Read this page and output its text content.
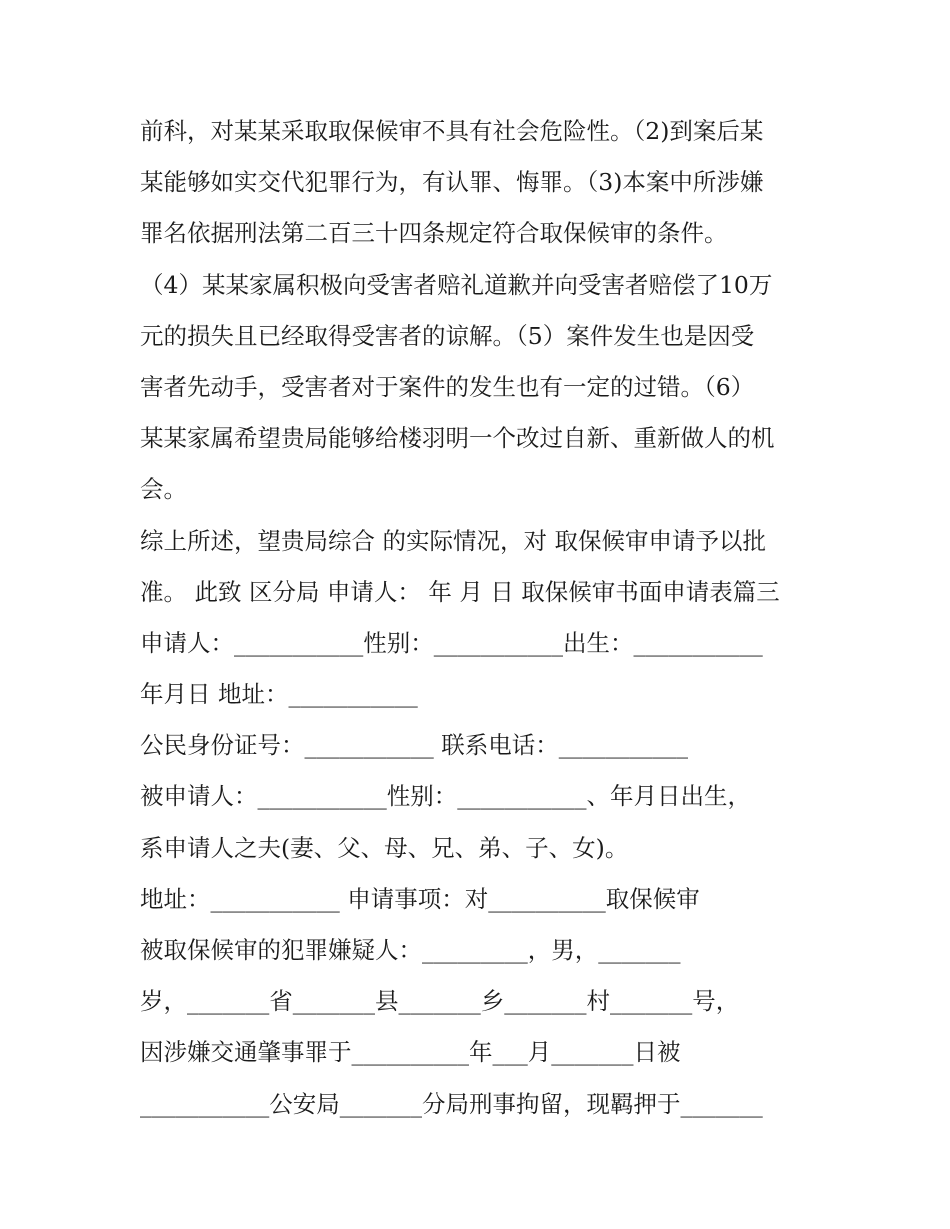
前科，对某某采取取保候审不具有社会危险性。（2)到案后某
某能够如实交代犯罪行为，有认罪、悔罪。（3)本案中所涉嫌
罪名依据刑法第二百三十四条规定符合取保候审的条件。
（4）某某家属积极向受害者赔礼道歉并向受害者赔偿了10万
元的损失且已经取得受害者的谅解。（5）案件发生也是因受
害者先动手，受害者对于案件的发生也有一定的过错。（6）
某某家属希望贵局能够给楼羽明一个改过自新、重新做人的机
会。
综上所述，望贵局综合 的实际情况，对 取保候审申请予以批
准。 此致 区分局 申请人： 年 月 日 取保候审书面申请表篇三
申请人：___________性别：___________出生：___________
年月日 地址：___________
公民身份证号：___________ 联系电话：___________
被申请人：___________性别：___________、年月日出生，
系申请人之夫(妻、父、母、兄、弟、子、女)。
地址：___________ 申请事项：对__________取保候审
被取保候审的犯罪嫌疑人：_________，男，_______
岁，_______省_______县_______乡_______村_______号，
因涉嫌交通肇事罪于__________年___月_______日被
___________公安局_______分局刑事拘留，现羁押于_______
